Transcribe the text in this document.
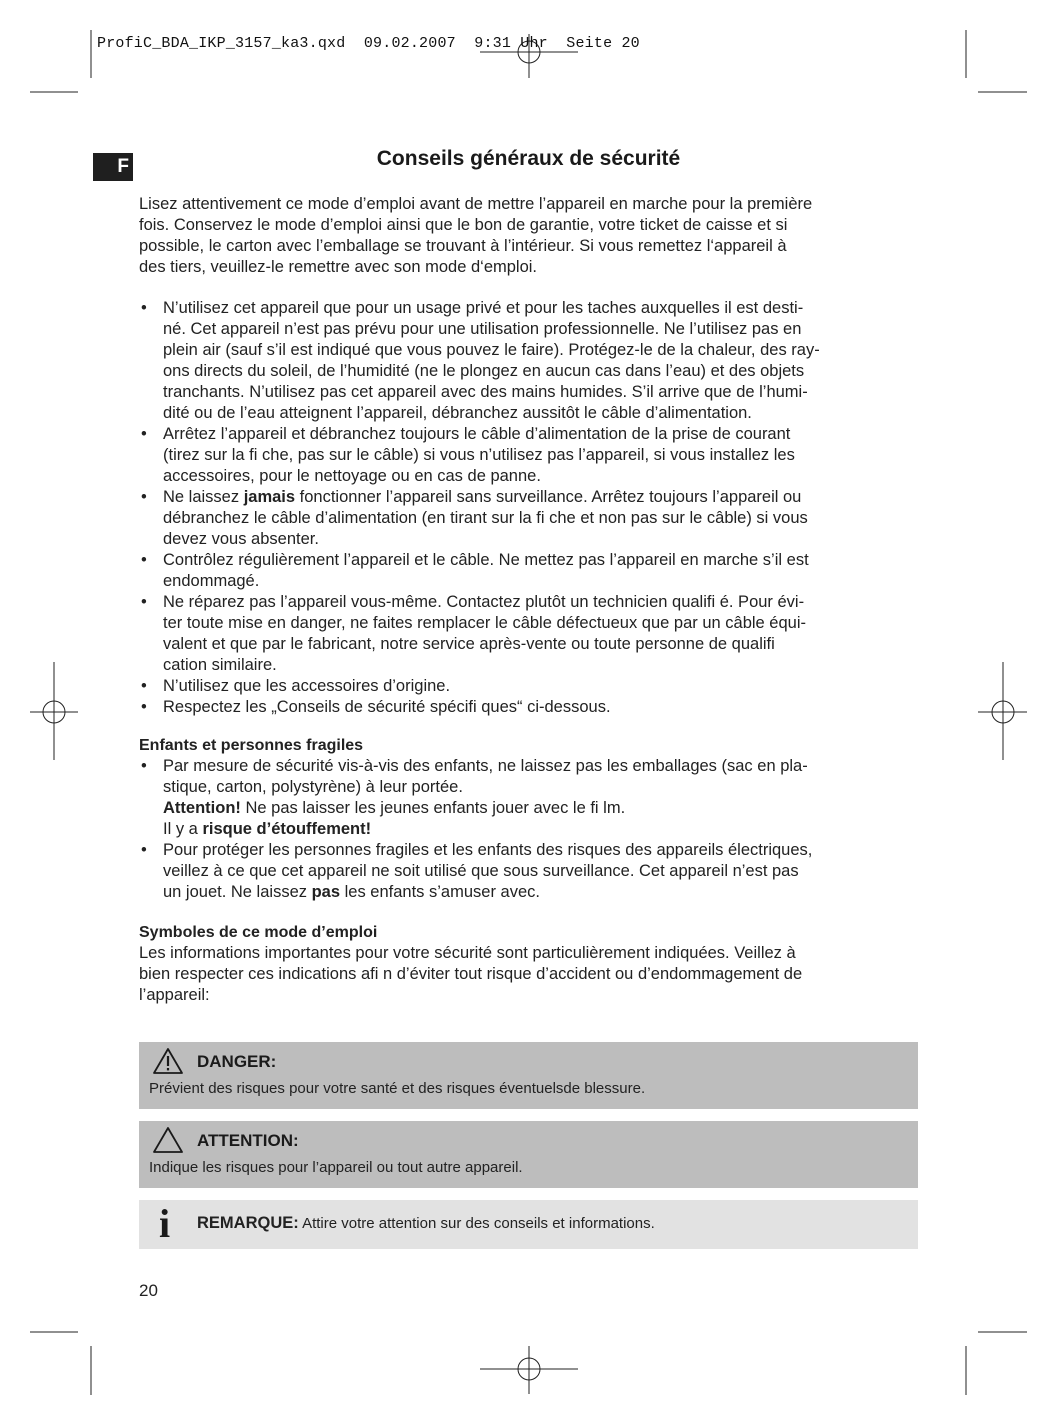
ProfiC_BDA_IKP_3157_ka3.qxd  09.02.2007  9:31 Uhr  Seite 20
F	Conseils généraux de sécurité
Lisez attentivement ce mode d’emploi avant de mettre l’appareil en marche pour la première
fois. Conservez le mode d’emploi ainsi que le bon de garantie, votre ticket de caisse et si
possible, le carton avec l’emballage se trouvant à l’intérieur. Si vous remettez l‘appareil à
des tiers, veuillez-le remettre avec son mode d‘emploi.
• N’utilisez cet appareil que pour un usage privé et pour les taches auxquelles il est desti-
né. Cet appareil n’est pas prévu pour une utilisation professionnelle. Ne l’utilisez pas en
plein air (sauf s’il est indiqué que vous pouvez le faire). Protégez-le de la chaleur, des ray-
ons directs du soleil, de l’humidité (ne le plongez en aucun cas dans l’eau) et des objets
tranchants. N’utilisez pas cet appareil avec des mains humides. S’il arrive que de l’humi-
dité ou de l’eau atteignent l’appareil, débranchez aussitôt le câble d’alimentation.
• Arrêtez l’appareil et débranchez toujours le câble d’alimentation de la prise de courant
(tirez sur la fi che, pas sur le câble) si vous n’utilisez pas l’appareil, si vous installez les
accessoires, pour le nettoyage ou en cas de panne.
• Ne laissez jamais fonctionner l’appareil sans surveillance. Arrêtez toujours l’appareil ou
débranchez le câble d’alimentation (en tirant sur la fi che et non pas sur le câble) si vous
devez vous absenter.
• Contrôlez régulièrement l’appareil et le câble. Ne mettez pas l’appareil en marche s’il est
endommagé.
• Ne réparez pas l’appareil vous-même. Contactez plutôt un technicien qualifi é. Pour évi-
ter toute mise en danger, ne faites remplacer le câble défectueux que par un câble équi-
valent et que par le fabricant, notre service après-vente ou toute personne de qualifi
cation similaire.
• N’utilisez que les accessoires d’origine.
• Respectez les „Conseils de sécurité spécifi ques“ ci-dessous.
Enfants et personnes fragiles
• Par mesure de sécurité vis-à-vis des enfants, ne laissez pas les emballages (sac en pla-
stique, carton, polystyrène) à leur portée.
Attention! Ne pas laisser les jeunes enfants jouer avec le fi lm.
Il y a risque d’étouffement!
• Pour protéger les personnes fragiles et les enfants des risques des appareils électriques,
veillez à ce que cet appareil ne soit utilisé que sous surveillance. Cet appareil n’est pas
un jouet. Ne laissez pas les enfants s’amuser avec.
Symboles de ce mode d’emploi
Les informations importantes pour votre sécurité sont particulièrement indiquées. Veillez à
bien respecter ces indications afi n d’éviter tout risque d’accident ou d’endommagement de
l’appareil:
DANGER:
Prévient des risques pour votre santé et des risques éventuelsde blessure.
ATTENTION:
Indique les risques pour l’appareil ou tout autre appareil.
i REMARQUE: Attire votre attention sur des conseils et informations.
20
